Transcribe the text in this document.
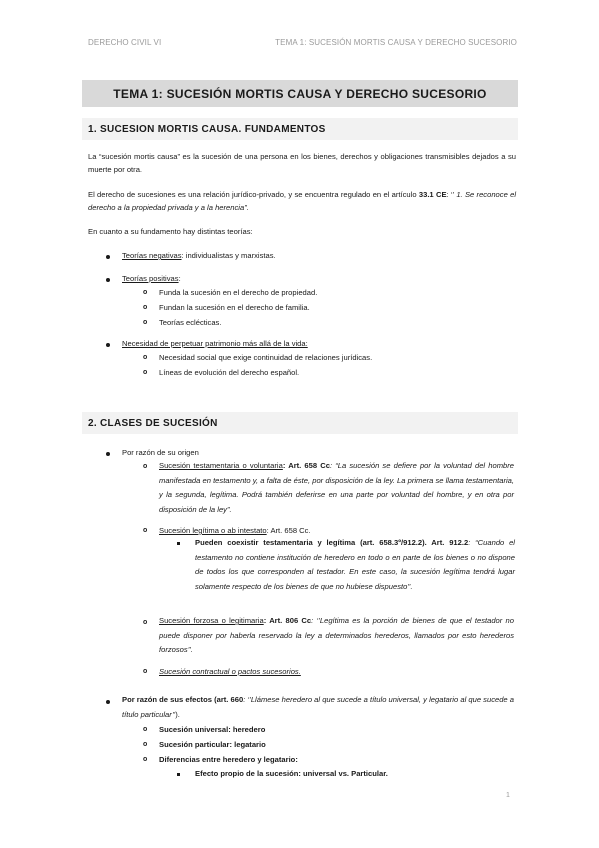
DERECHO CIVIL VI	TEMA 1: SUCESIÓN MORTIS CAUSA Y DERECHO SUCESORIO
TEMA 1: SUCESIÓN MORTIS CAUSA Y DERECHO SUCESORIO
1. SUCESION MORTIS CAUSA. FUNDAMENTOS
La “sucesión mortis causa” es la sucesión de una persona en los bienes, derechos y obligaciones transmisibles dejados a su muerte por otra.
El derecho de sucesiones es una relación jurídico-privado, y se encuentra regulado en el artículo 33.1 CE: ‘’ 1. Se reconoce el derecho a la propiedad privada y a la herencia”.
En cuanto a su fundamento hay distintas teorías:
Teorías negativas: individualistas y marxistas.
Teorías positivas:
o Funda la sucesión en el derecho de propiedad.
o Fundan la sucesión en el derecho de familia.
o Teorías eclécticas.
Necesidad de perpetuar patrimonio más allá de la vida:
o Necesidad social que exige continuidad de relaciones jurídicas.
o Líneas de evolución del derecho español.
2. CLASES DE SUCESIÓN
Por razón de su origen
o Sucesión testamentaria o voluntaria: Art. 658 Cc: “La sucesión se defiere por la voluntad del hombre manifestada en testamento y, a falta de éste, por disposición de la ley. La primera se llama testamentaria, y la segunda, legítima. Podrá también deferirse en una parte por voluntad del hombre, y en otra por disposición de la ley”.
o Sucesión legítima o ab intestato: Art. 658 Cc.
Pueden coexistir testamentaria y legítima (art. 658.3º/912.2). Art. 912.2: “Cuando el testamento no contiene institución de heredero en todo o en parte de los bienes o no dispone de todos los que corresponden al testador. En este caso, la sucesión legítima tendrá lugar solamente respecto de los bienes de que no hubiese dispuesto’’.
o Sucesión forzosa o legitimaria: Art. 806 Cc: ‘’Legítima es la porción de bienes de que el testador no puede disponer por haberla reservado la ley a determinados herederos, llamados por esto herederos forzosos’’.
o Sucesión contractual o pactos sucesorios.
Por razón de sus efectos (art. 660: ‘’Llámese heredero al que sucede a título universal, y legatario al que sucede a título particular’’).
o Sucesión universal: heredero
o Sucesión particular: legatario
o Diferencias entre heredero y legatario:
Efecto propio de la sucesión: universal vs. Particular.
1
